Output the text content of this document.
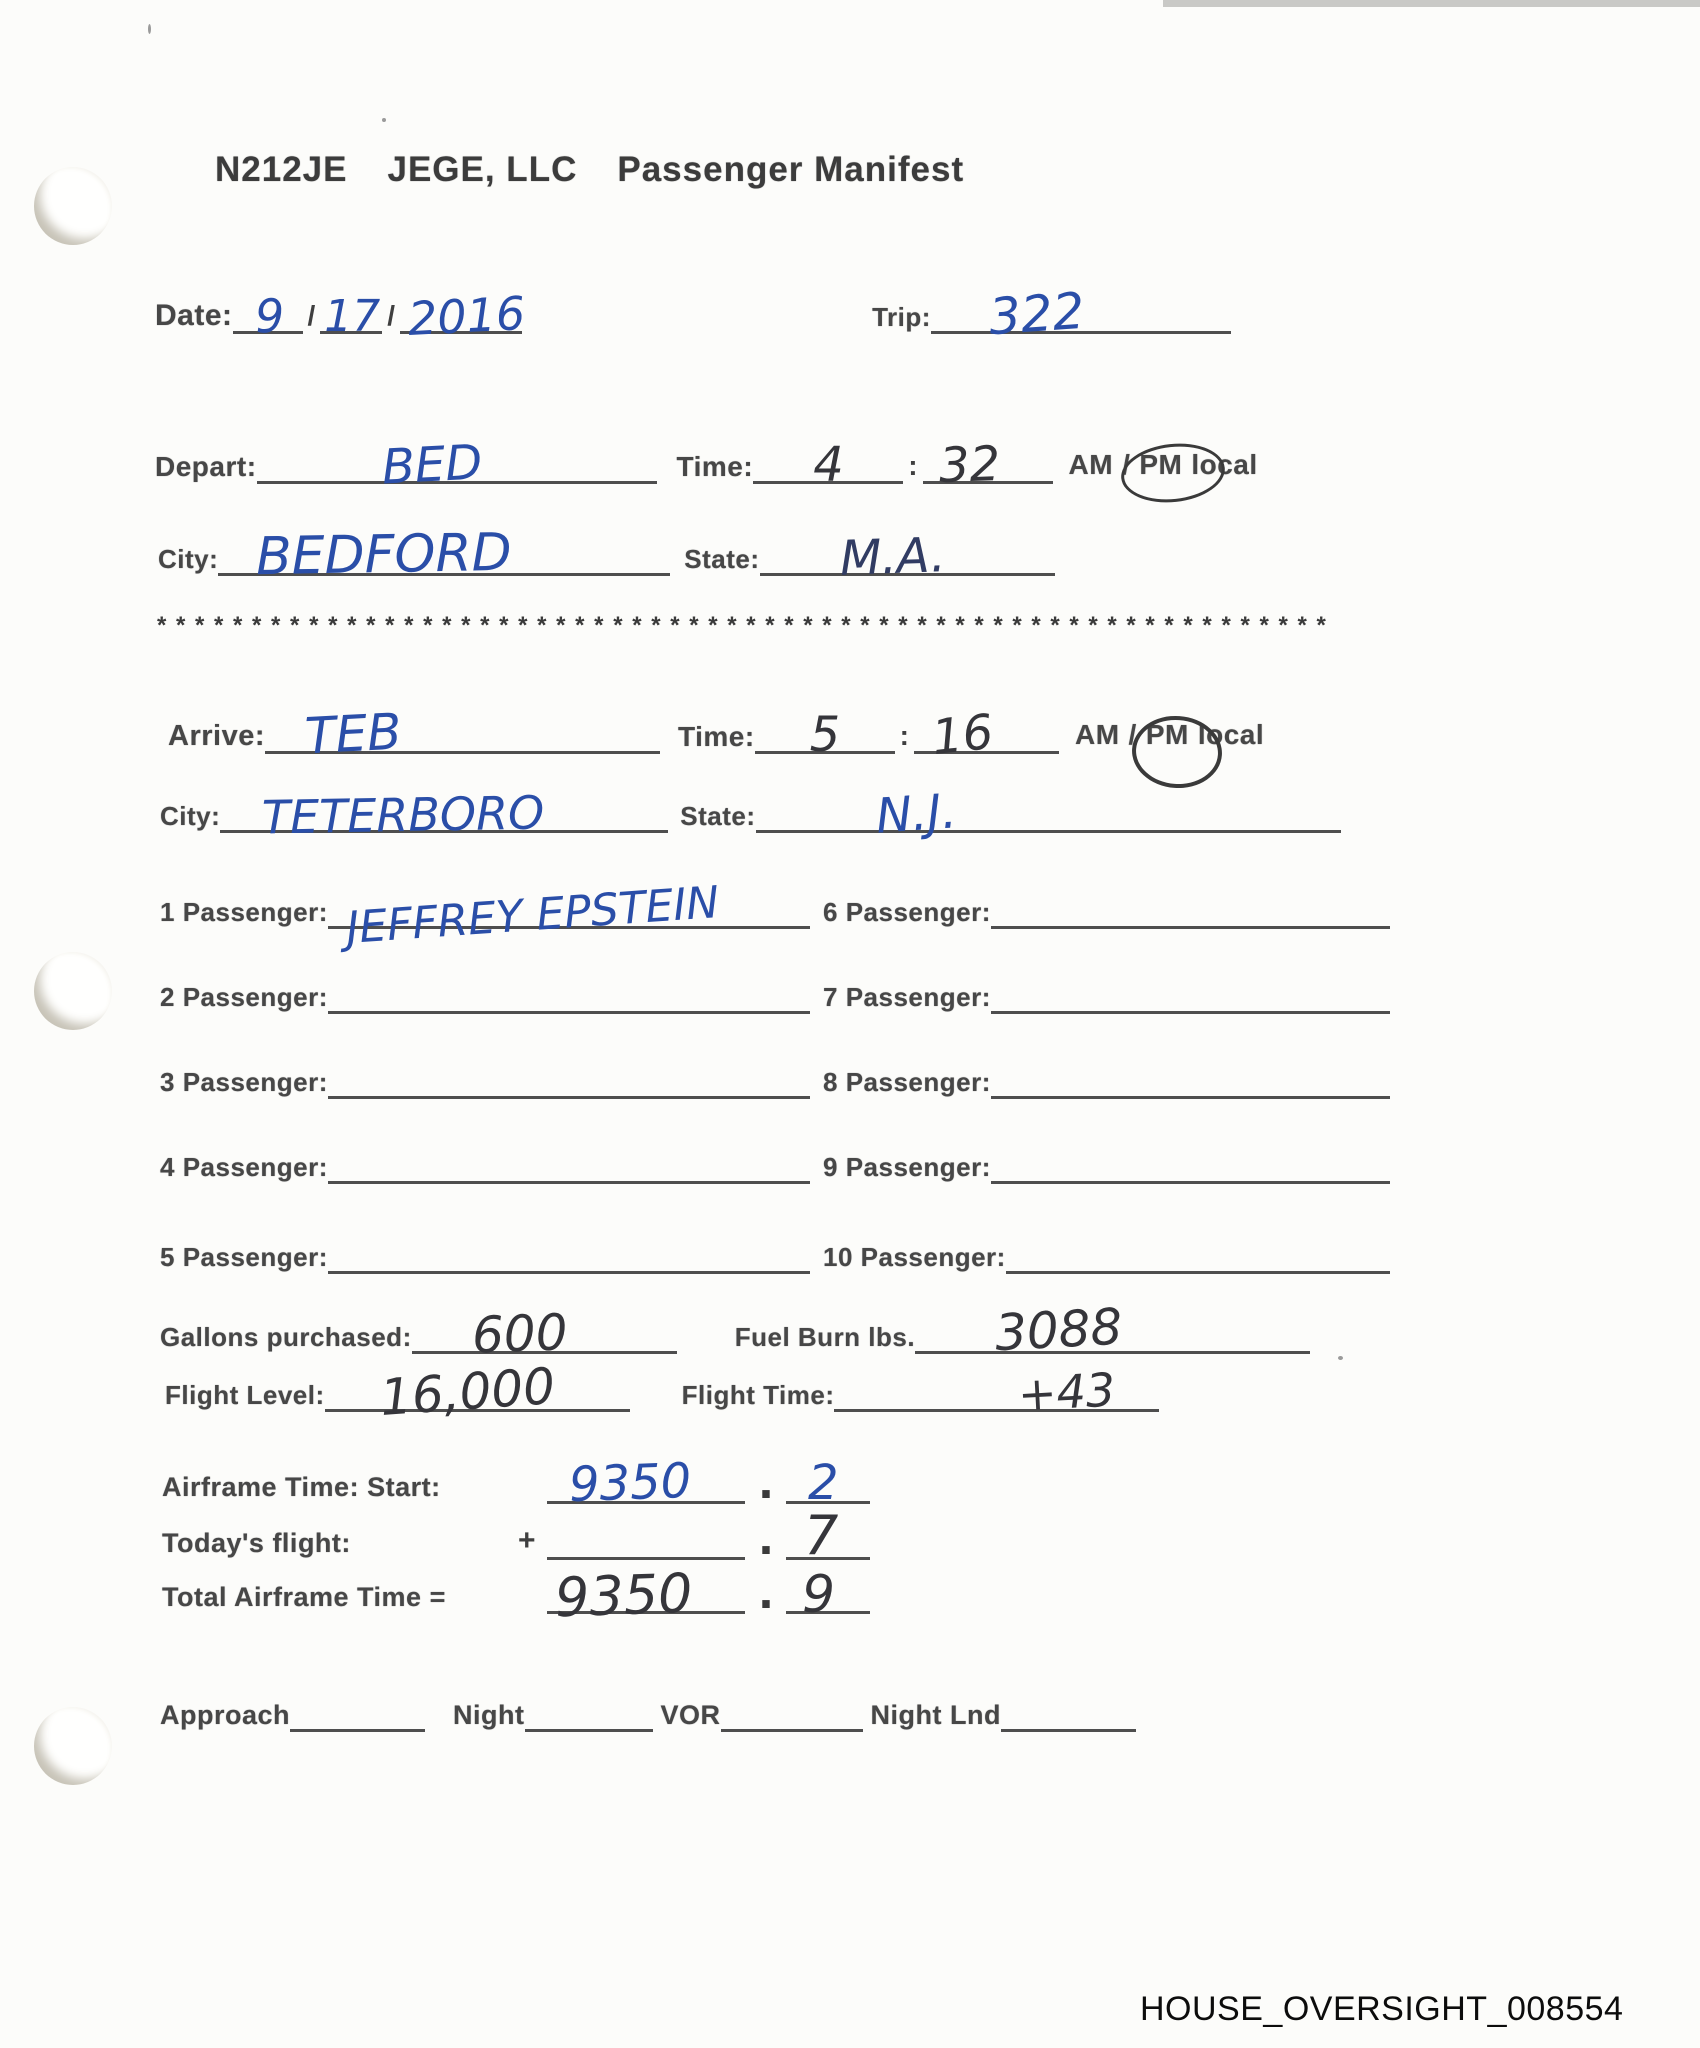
N212JE JEGE, LLC Passenger Manifest
Date: 9 / 17 / 2016	Trip: 322
Depart:	BED	Time: 4 : 32 AM / PM local
City: BEDFORD	State: M.A.
* * * * * * * * * * * * * * * * * * * * * * * * * * * * * * * * * * * * * * * * * * * * * * * * * * * * * * * * * * * * * *
Arrive: TEB	Time: 5 : 16	AM / PM local
City: TETERBORO	State: N.J.
1 Passenger: JEFFREY EPSTEIN	6 Passenger:
2 Passenger:	7 Passenger:
3 Passenger:	8 Passenger:
4 Passenger:	9 Passenger:
5 Passenger:	10 Passenger:
Gallons purchased: 600	Fuel Burn lbs. 3088
Flight Level: 16,000	Flight Time:	+43
Airframe Time: Start:	9350 . 2
Today's flight:	+	. 7
Total Airframe Time = 9350 . 9
Approach	Night	VOR	Night Lnd
HOUSE_OVERSIGHT_008554
